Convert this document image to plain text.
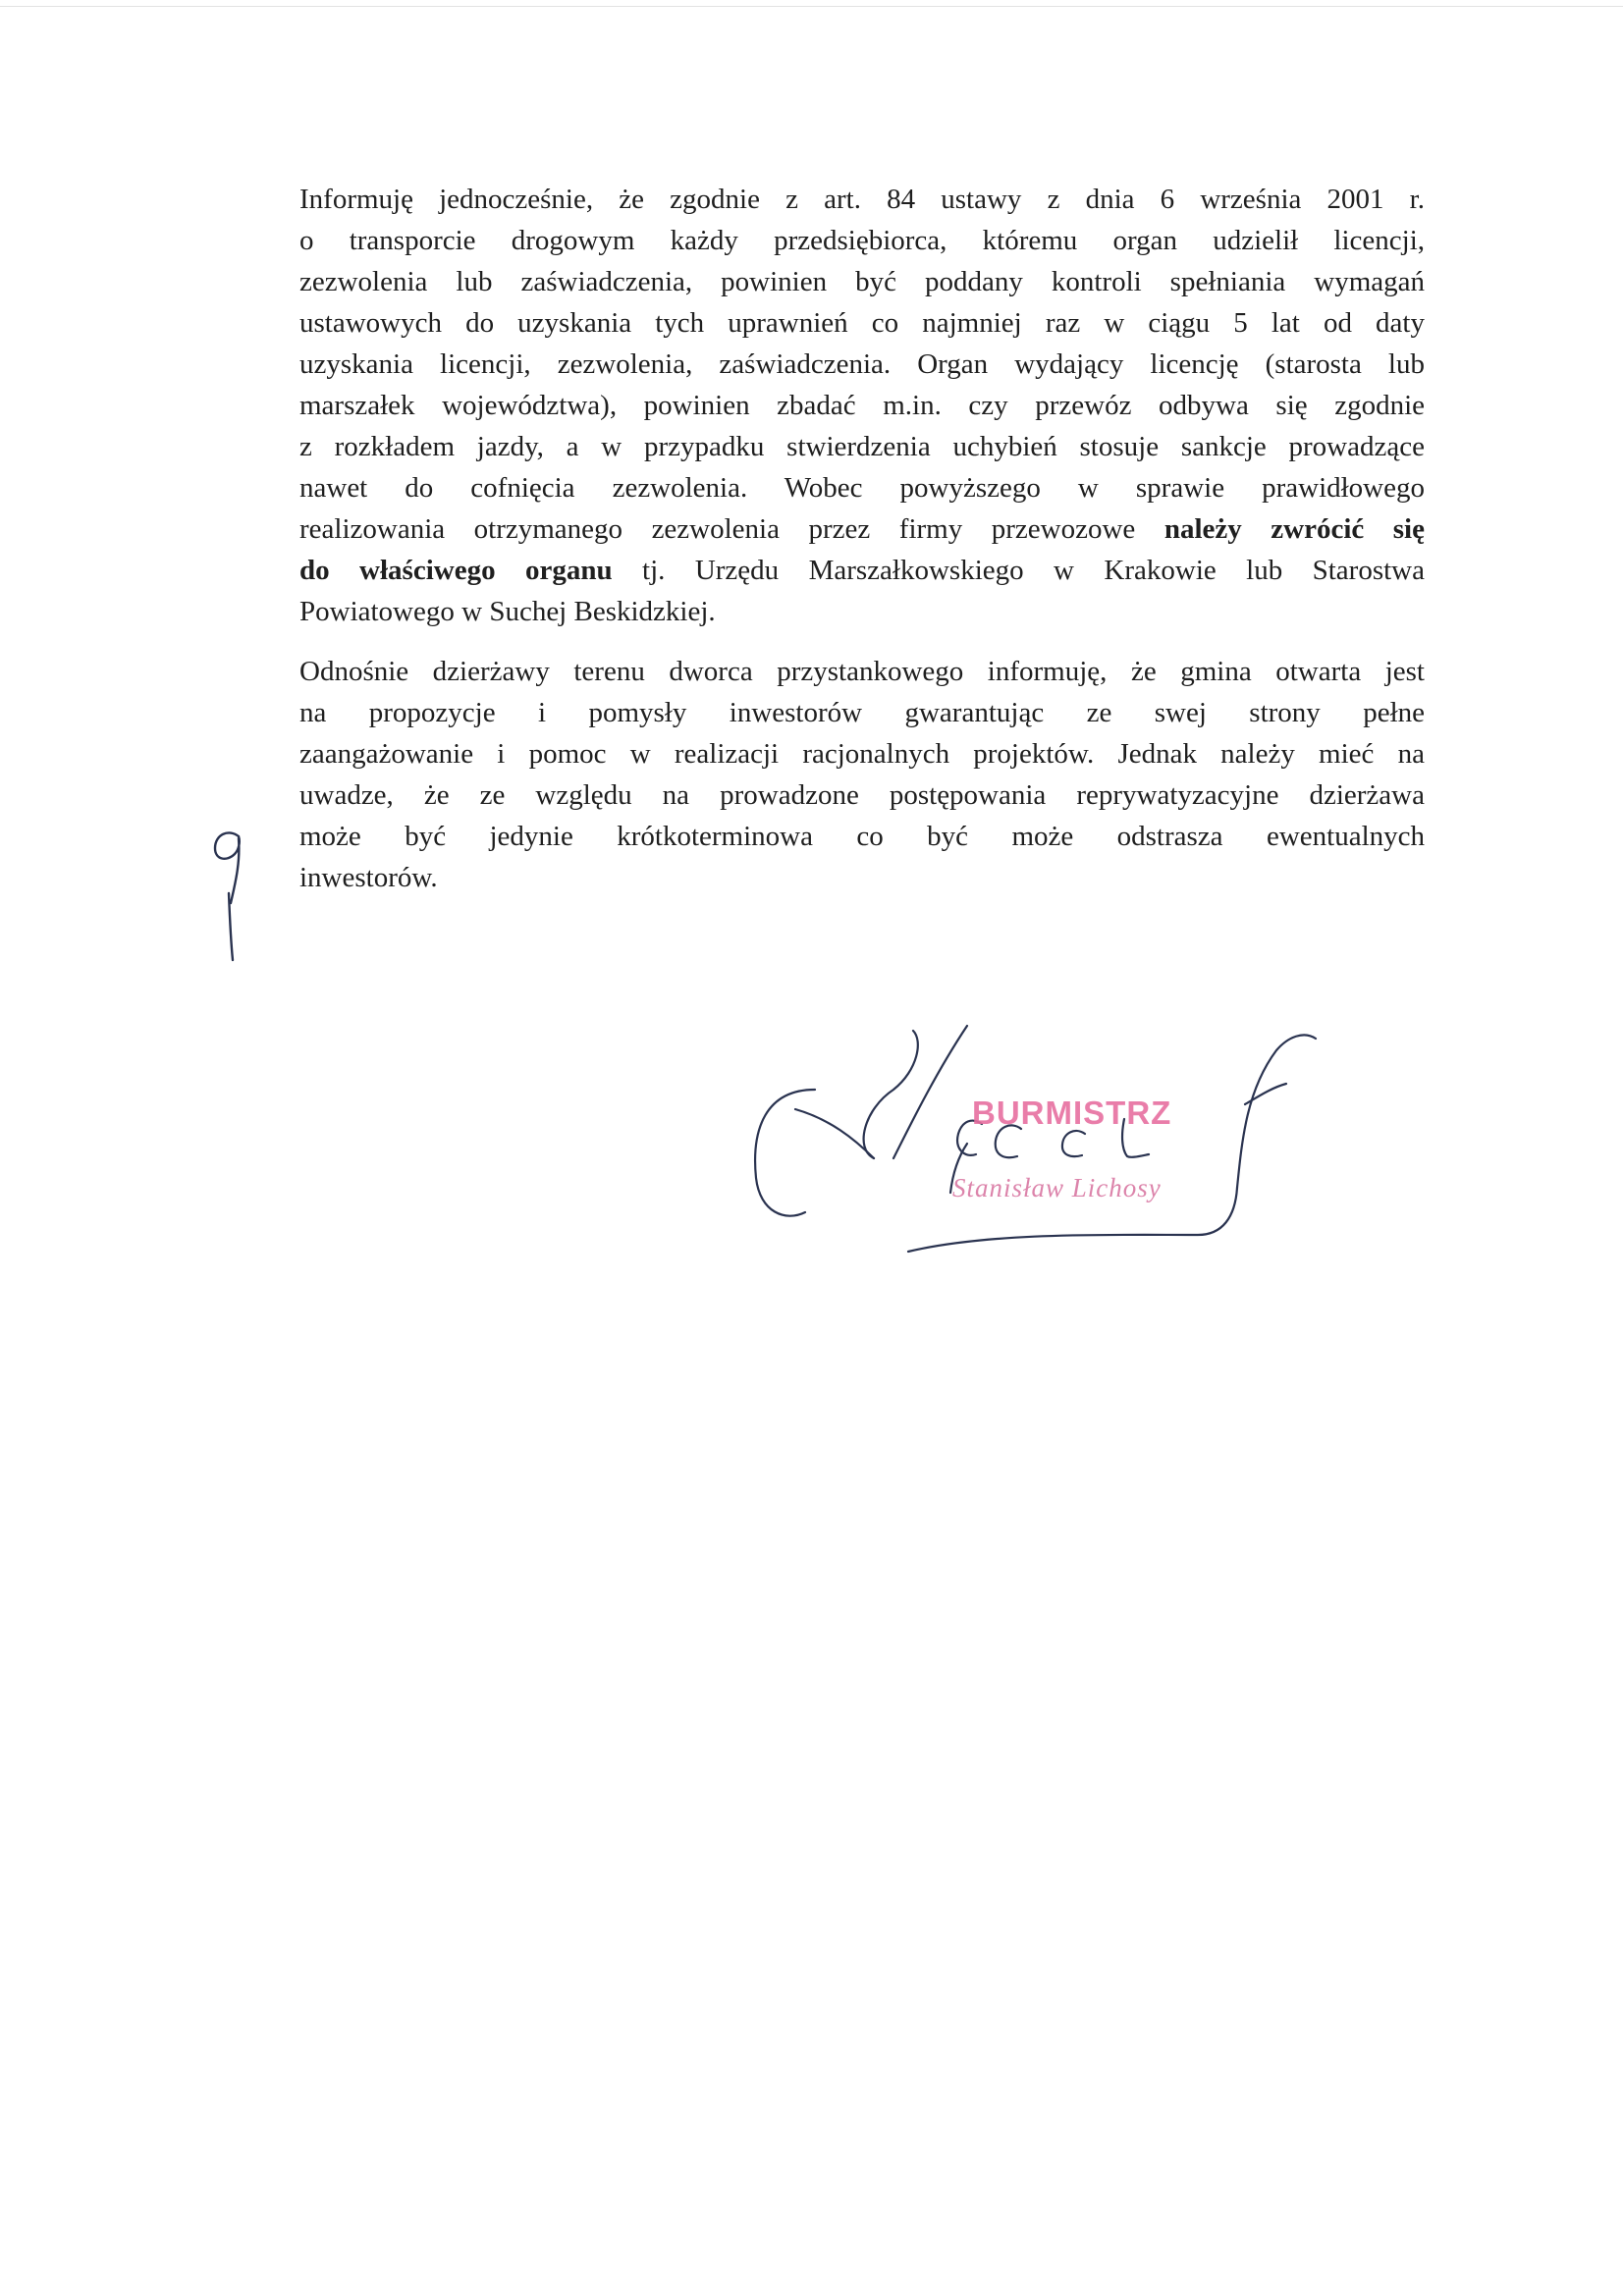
Informuję jednocześnie, że zgodnie z art. 84 ustawy z dnia 6 września 2001 r.
o transporcie drogowym każdy przedsiębiorca, któremu organ udzielił licencji,
zezwolenia lub zaświadczenia, powinien być poddany kontroli spełniania wymagań
ustawowych do uzyskania tych uprawnień co najmniej raz w ciągu 5 lat od daty
uzyskania licencji, zezwolenia, zaświadczenia. Organ wydający licencję (starosta lub
marszałek województwa), powinien zbadać m.in. czy przewóz odbywa się zgodnie
z rozkładem jazdy, a w przypadku stwierdzenia uchybień stosuje sankcje prowadzące
nawet do cofnięcia zezwolenia. Wobec powyższego w sprawie prawidłowego
realizowania otrzymanego zezwolenia przez firmy przewozowe należy zwrócić się
do właściwego organu tj. Urzędu Marszałkowskiego w Krakowie lub Starostwa
Powiatowego w Suchej Beskidzkiej.
Odnośnie dzierżawy terenu dworca przystankowego informuję, że gmina otwarta jest
na propozycje i pomysły inwestorów gwarantując ze swej strony pełne
zaangażowanie i pomoc w realizacji racjonalnych projektów. Jednak należy mieć na
uwadze, że ze względu na prowadzone postępowania reprywatyzacyjne dzierżawa
może być jedynie krótkoterminowa co być może odstrasza ewentualnych
inwestorów.
BURMISTRZ
Stanisław Lichosy
